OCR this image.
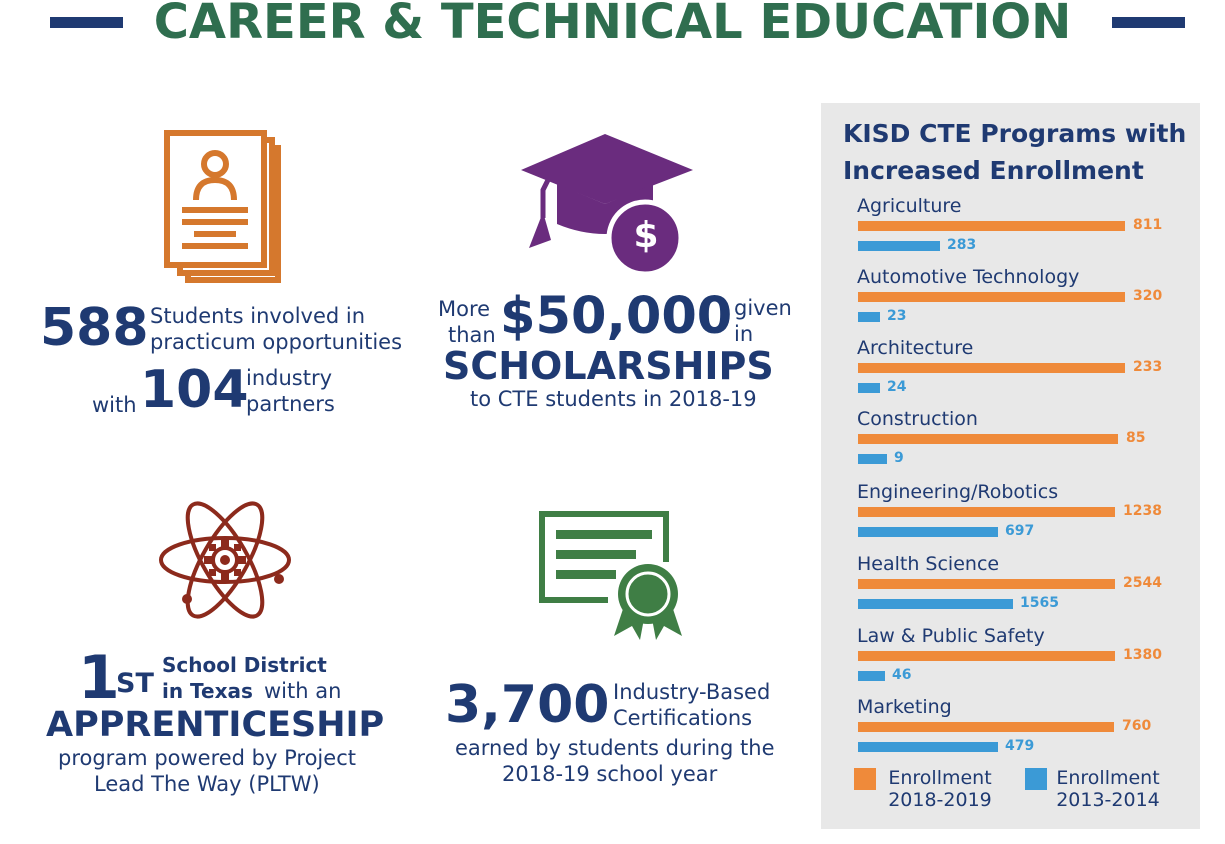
CAREER & TECHNICAL EDUCATION
588 Students involved in
practicum opportunities
with 104
industry
partners
$
More
than $50,000 given
in
SCHOLARSHIPS
to CTE students in 2018-19
1
ST
School District
in Texas with an
APPRENTICESHIP
program powered by Project
Lead The Way (PLTW)
3,700 Industry-Based
Certifications
earned by students during the
2018-19 school year
KISD CTE Programs with Increased Enrollment
Agriculture
811
283
Automotive Technology
320
23
Architecture
233
24
Construction
85
9
Engineering/Robotics
1238
697
Health Science
2544
1565
Law & Public Safety
1380
46
Marketing
760
479
Enrollment
2018-2019
Enrollment
2013-2014
